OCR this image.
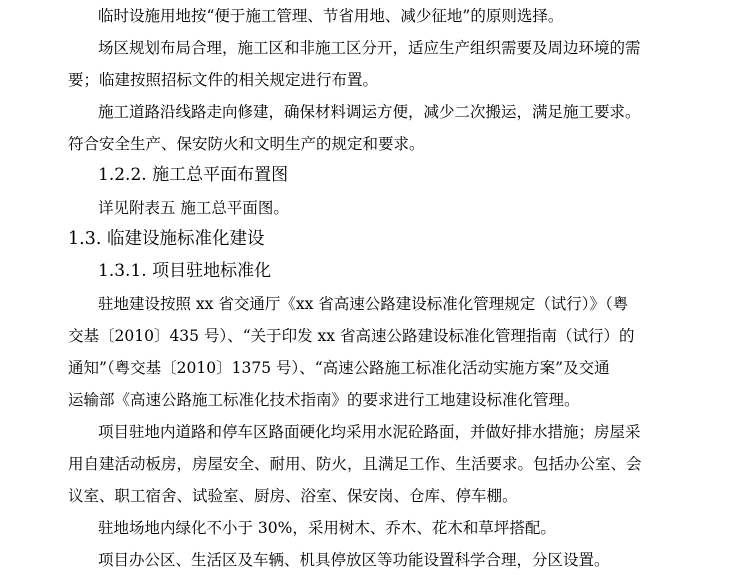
临时设施用地按“便于施工管理、节省用地、减少征地”的原则选择。
场区规划布局合理，施工区和非施工区分开，适应生产组织需要及周边环境的需
要；临建按照招标文件的相关规定进行布置。
施工道路沿线路走向修建，确保材料调运方便，减少二次搬运，满足施工要求。
符合安全生产、保安防火和文明生产的规定和要求。
1.2.2. 施工总平面布置图
详见附表五 施工总平面图。
1.3. 临建设施标准化建设
1.3.1. 项目驻地标准化
驻地建设按照 xx 省交通厅《xx 省高速公路建设标准化管理规定（试行）》（粤
交基〔2010〕435 号）、“关于印发 xx 省高速公路建设标准化管理指南（试行）的
通知”（粤交基〔2010〕1375 号）、“高速公路施工标准化活动实施方案”及交通
运输部《高速公路施工标准化技术指南》的要求进行工地建设标准化管理。
项目驻地内道路和停车区路面硬化均采用水泥砼路面，并做好排水措施；房屋采
用自建活动板房，房屋安全、耐用、防火，且满足工作、生活要求。包括办公室、会
议室、职工宿舍、试验室、厨房、浴室、保安岗、仓库、停车棚。
驻地场地内绿化不小于 30%，采用树木、乔木、花木和草坪搭配。
项目办公区、生活区及车辆、机具停放区等功能设置科学合理，分区设置。
